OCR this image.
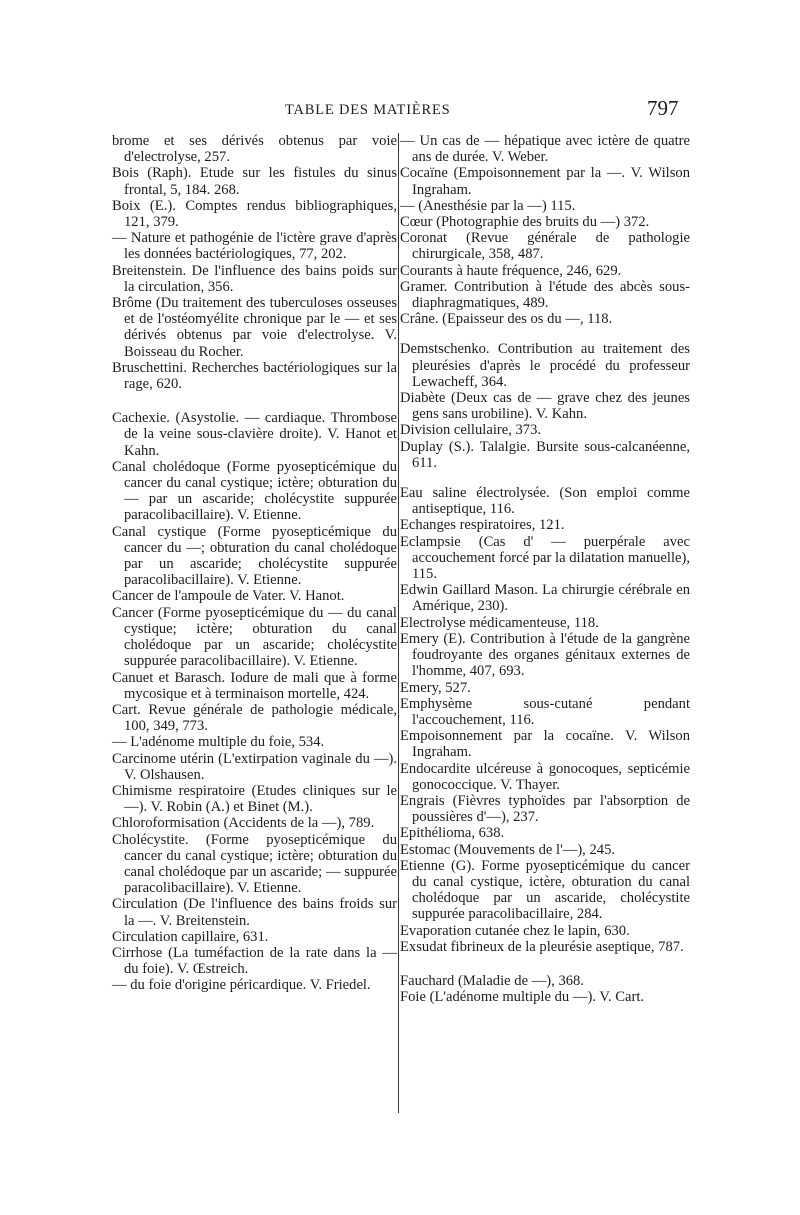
TABLE DES MATIÈRES	797

brome et ses dérivés obtenus par voie d'electrolyse, 257.

Bois (Raph). Etude sur les fistules du sinus frontal, 5, 184. 268.

Boix (E.). Comptes rendus bibliographiques, 121, 379.

— Nature et pathogénie de l'ictère grave d'après les données bactériologiques, 77, 202.

Breitenstein. De l'influence des bains poids sur la circulation, 356.

Brôme (Du traitement des tuberculoses osseuses et de l'ostéomyélite chronique par le — et ses dérivés obtenus par voie d'electrolyse. V. Boisseau du Rocher.

Bruschettini. Recherches bactériologiques sur la rage, 620.

Cachexie. (Asystolie. — cardiaque. Thrombose de la veine sous-clavière droite). V. Hanot et Kahn.

Canal cholédoque (Forme pyosepticémique du cancer du canal cystique; ictère; obturation du — par un ascaride; cholécystite suppurée paracolibacillaire). V. Etienne.

Canal cystique (Forme pyosepticémique du cancer du —; obturation du canal cholédoque par un ascaride; cholécystite suppurée paracolibacillaire). V. Etienne.

Cancer de l'ampoule de Vater. V. Hanot.

Cancer (Forme pyosepticémique du — du canal cystique; ictère; obturation du canal cholédoque par un ascaride; cholécystite suppurée paracolibacillaire). V. Etienne.

Canuet et Barasch. Iodure de mali que à forme mycosique et à terminaison mortelle, 424.

Cart. Revue générale de pathologie médicale, 100, 349, 773.

— L'adénome multiple du foie, 534.

Carcinome utérin (L'extirpation vaginale du —). V. Olshausen.

Chimisme respiratoire (Etudes cliniques sur le —). V. Robin (A.) et Binet (M.).

Chloroformisation (Accidents de la —), 789.

Cholécystite. (Forme pyosepticémique du cancer du canal cystique; ictère; obturation du canal cholédoque par un ascaride; — suppurée paracolibacillaire). V. Etienne.

Circulation (De l'influence des bains froids sur la —. V. Breitenstein.

Circulation capillaire, 631.

Cirrhose (La tuméfaction de la rate dans la — du foie). V. Œstreich.

— du foie d'origine péricardique. V. Friedel.

— Un cas de — hépatique avec ictère de quatre ans de durée. V. Weber.

Cocaïne (Empoisonnement par la —. V. Wilson Ingraham.

— (Anesthésie par la —) 115.

Cœur (Photographie des bruits du —) 372.

Coronat (Revue générale de pathologie chirurgicale, 358, 487.

Courants à haute fréquence, 246, 629.

Gramer. Contribution à l'étude des abcès sous-diaphragmatiques, 489.

Crâne. (Epaisseur des os du —, 118.

Demstschenko. Contribution au traitement des pleurésies d'après le procédé du professeur Lewacheff, 364.

Diabète (Deux cas de — grave chez des jeunes gens sans urobiline). V. Kahn.

Division cellulaire, 373.

Duplay (S.). Talalgie. Bursite sous-calcanéenne, 611.

Eau saline électrolysée. (Son emploi comme antiseptique, 116.

Echanges respiratoires, 121.

Eclampsie (Cas d' — puerpérale avec accouchement forcé par la dilatation manuelle), 115.

Edwin Gaillard Mason. La chirurgie cérébrale en Amérique, 230).

Electrolyse médicamenteuse, 118.

Emery (E). Contribution à l'étude de la gangrène foudroyante des organes génitaux externes de l'homme, 407, 693.

Emery, 527.

Emphysème sous-cutané pendant l'accouchement, 116.

Empoisonnement par la cocaïne. V. Wilson Ingraham.

Endocardite ulcéreuse à gonocoques, septicémie gonococcique. V. Thayer.

Engrais (Fièvres typhoïdes par l'absorption de poussières d'—), 237.

Epithélioma, 638.

Estomac (Mouvements de l'—), 245.

Etienne (G). Forme pyosepticémique du cancer du canal cystique, ictère, obturation du canal cholédoque par un ascaride, cholécystite suppurée paracolibacillaire, 284.

Evaporation cutanée chez le lapin, 630.

Exsudat fibrineux de la pleurésie aseptique, 787.

Fauchard (Maladie de —), 368.

Foie (L'adénome multiple du —). V. Cart.
